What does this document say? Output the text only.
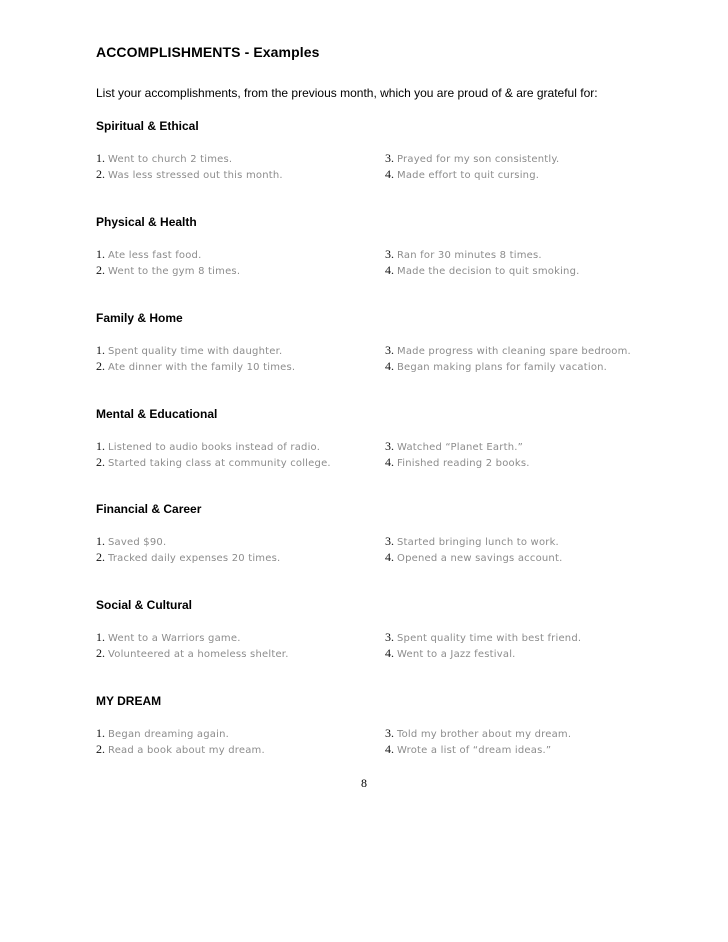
ACCOMPLISHMENTS - Examples
List your accomplishments, from the previous month, which you are proud of & are grateful for:
Spiritual & Ethical
1. Went to church 2 times.
2. Was less stressed out this month.
3. Prayed for my son consistently.
4. Made effort to quit cursing.
Physical & Health
1. Ate less fast food.
2. Went to the gym 8 times.
3. Ran for 30 minutes 8 times.
4. Made the decision to quit smoking.
Family & Home
1. Spent quality time with daughter.
2. Ate dinner with the family 10 times.
3. Made progress with cleaning spare bedroom.
4. Began making plans for family vacation.
Mental & Educational
1. Listened to audio books instead of radio.
2. Started taking class at community college.
3. Watched “Planet Earth.”
4. Finished reading 2 books.
Financial & Career
1. Saved $90.
2. Tracked daily expenses 20 times.
3. Started bringing lunch to work.
4. Opened a new savings account.
Social & Cultural
1. Went to a Warriors game.
2. Volunteered at a homeless shelter.
3. Spent quality time with best friend.
4. Went to a Jazz festival.
MY DREAM
1. Began dreaming again.
2. Read a book about my dream.
3. Told my brother about my dream.
4. Wrote a list of “dream ideas.”
8
